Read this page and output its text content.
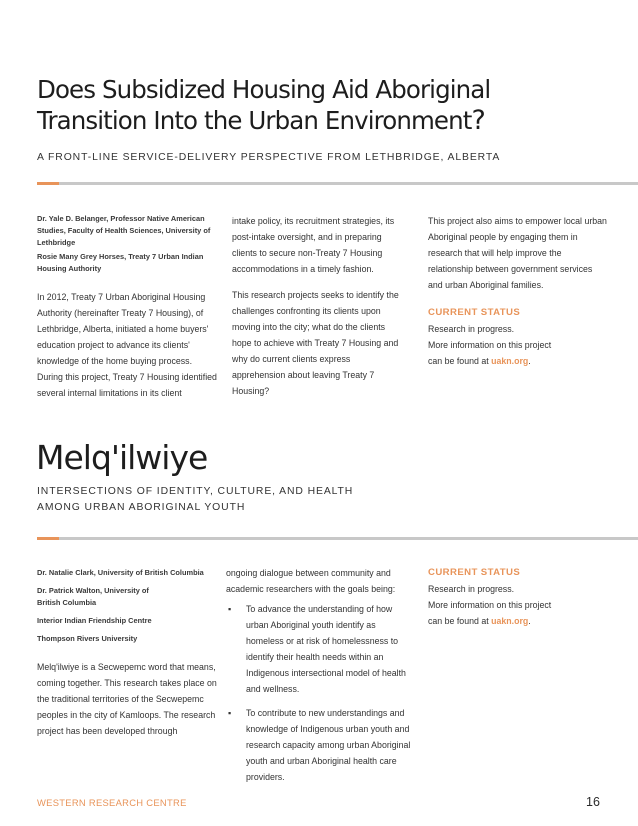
Does Subsidized Housing Aid Aboriginal
Transition Into the Urban Environment?

A FRONT-LINE SERVICE-DELIVERY PERSPECTIVE FROM LETHBRIDGE, ALBERTA

Dr. Yale D. Belanger, Professor Native American Studies, Faculty of Health Sciences, University of Lethbridge
Rosie Many Grey Horses, Treaty 7 Urban Indian Housing Authority

In 2012, Treaty 7 Urban Aboriginal Housing Authority (hereinafter Treaty 7 Housing), of Lethbridge, Alberta, initiated a home buyers' education project to advance its clients' knowledge of the home buying process. During this project, Treaty 7 Housing identified several internal limitations in its client

intake policy, its recruitment strategies, its post-intake oversight, and in preparing clients to secure non-Treaty 7 Housing accommodations in a timely fashion.

This research projects seeks to identify the challenges confronting its clients upon moving into the city; what do the clients hope to achieve with Treaty 7 Housing and why do current clients express apprehension about leaving Treaty 7 Housing?

This project also aims to empower local urban Aboriginal people by engaging them in research that will help improve the relationship between government services and urban Aboriginal families.

CURRENT STATUS

Research in progress.

More information on this project

can be found at uakn.org.

Melq'ilwiye
INTERSECTIONS OF IDENTITY, CULTURE, AND HEALTH
AMONG URBAN ABORIGINAL YOUTH
Dr. Natalie Clark, University of British Columbia
Dr. Patrick Walton, University of British Columbia
Interior Indian Friendship Centre
Thompson Rivers University

Melq'ilwiye is a Secwepemc word that means, coming together. This research takes place on the traditional territories of the Secwepemc peoples in the city of Kamloops. The research project has been developed through

ongoing dialogue between community and academic researchers with the goals being:

▪ To advance the understanding of how urban Aboriginal youth identify as homeless or at risk of homelessness to identify their health needs within an Indigenous intersectional model of health and wellness.
▪ To contribute to new understandings and knowledge of Indigenous urban youth and research capacity among urban Aboriginal youth and urban Aboriginal health care providers.

CURRENT STATUS

Research in progress.

More information on this project

can be found at uakn.org.

WESTERN RESEARCH CENTRE	16
